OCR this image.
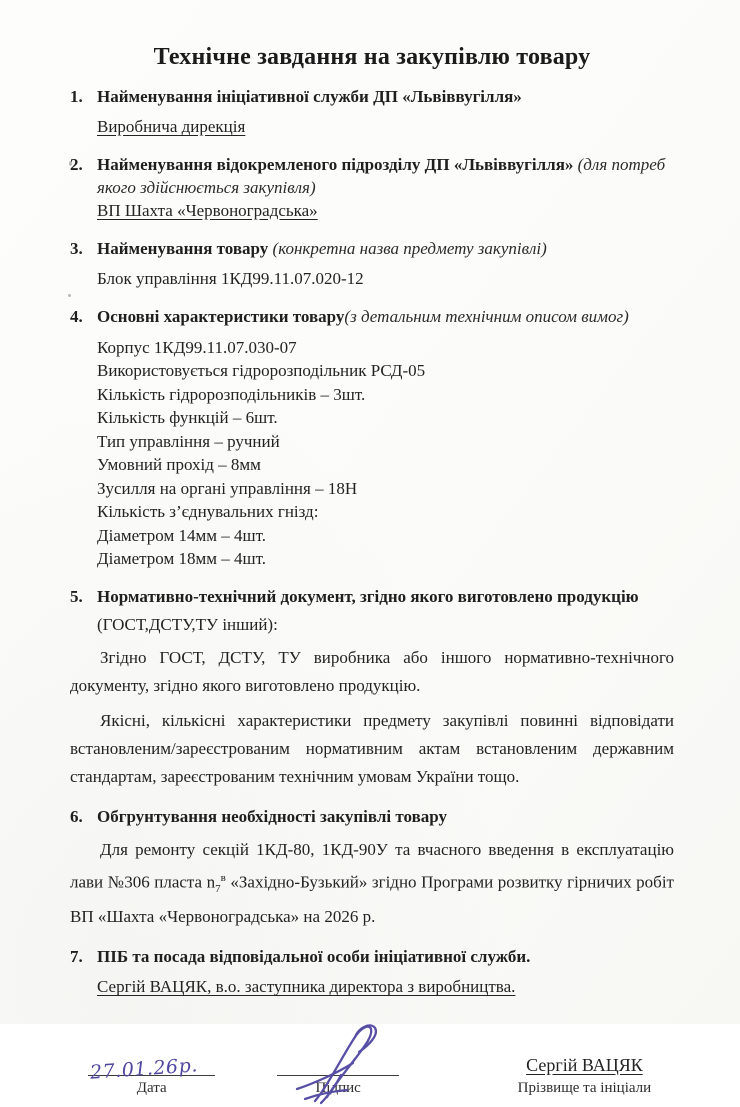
Технічне завдання на закупівлю товару
1. Найменування ініціативної служби ДП «Львіввугілля»
Виробнича дирекція
2. Найменування відокремленого підрозділу ДП «Львіввугілля» (для потреб якого здійснюється закупівля)
ВП Шахта «Червоноградська»
3. Найменування товару (конкретна назва предмету закупівлі)
Блок управління 1КД99.11.07.020-12
4. Основні характеристики товару(з детальним технічним описом вимог)
Корпус 1КД99.11.07.030-07
Використовується гідророзподільник РСД-05
Кількість гідророзподільників – 3шт.
Кількість функцій – 6шт.
Тип управління – ручний
Умовний прохід – 8мм
Зусилля на органі управління – 18Н
Кількість з’єднувальних гнізд:
Діаметром 14мм – 4шт.
Діаметром 18мм – 4шт.
5. Нормативно-технічний документ, згідно якого виготовлено продукцію
(ГОСТ,ДСТУ,ТУ інший):

Згідно ГОСТ, ДСТУ, ТУ виробника або іншого нормативно-технічного документу, згідно якого виготовлено продукцію.

Якісні, кількісні характеристики предмету закупівлі повинні відповідати встановленим/зареєстрованим нормативним актам встановленим державним стандартам, зареєстрованим технічним умовам України тощо.

6. Обгрунтування необхідності закупівлі товару

Для ремонту секцій 1КД-80, 1КД-90У та вчасного введення в експлуатацію лави №306 пласта $n_7^в$ «Західно-Бузький» згідно Програми розвитку гірничих робіт ВП «Шахта «Червоноградська» на 2026 р.

7. ПІБ та посада відповідальної особи ініціативної служби.
Сергій ВАЦЯК, в.о. заступника директора з виробництва.
27.01.26р.
Дата	Підпис
Сергій ВАЦЯК
Прізвище та ініціали
